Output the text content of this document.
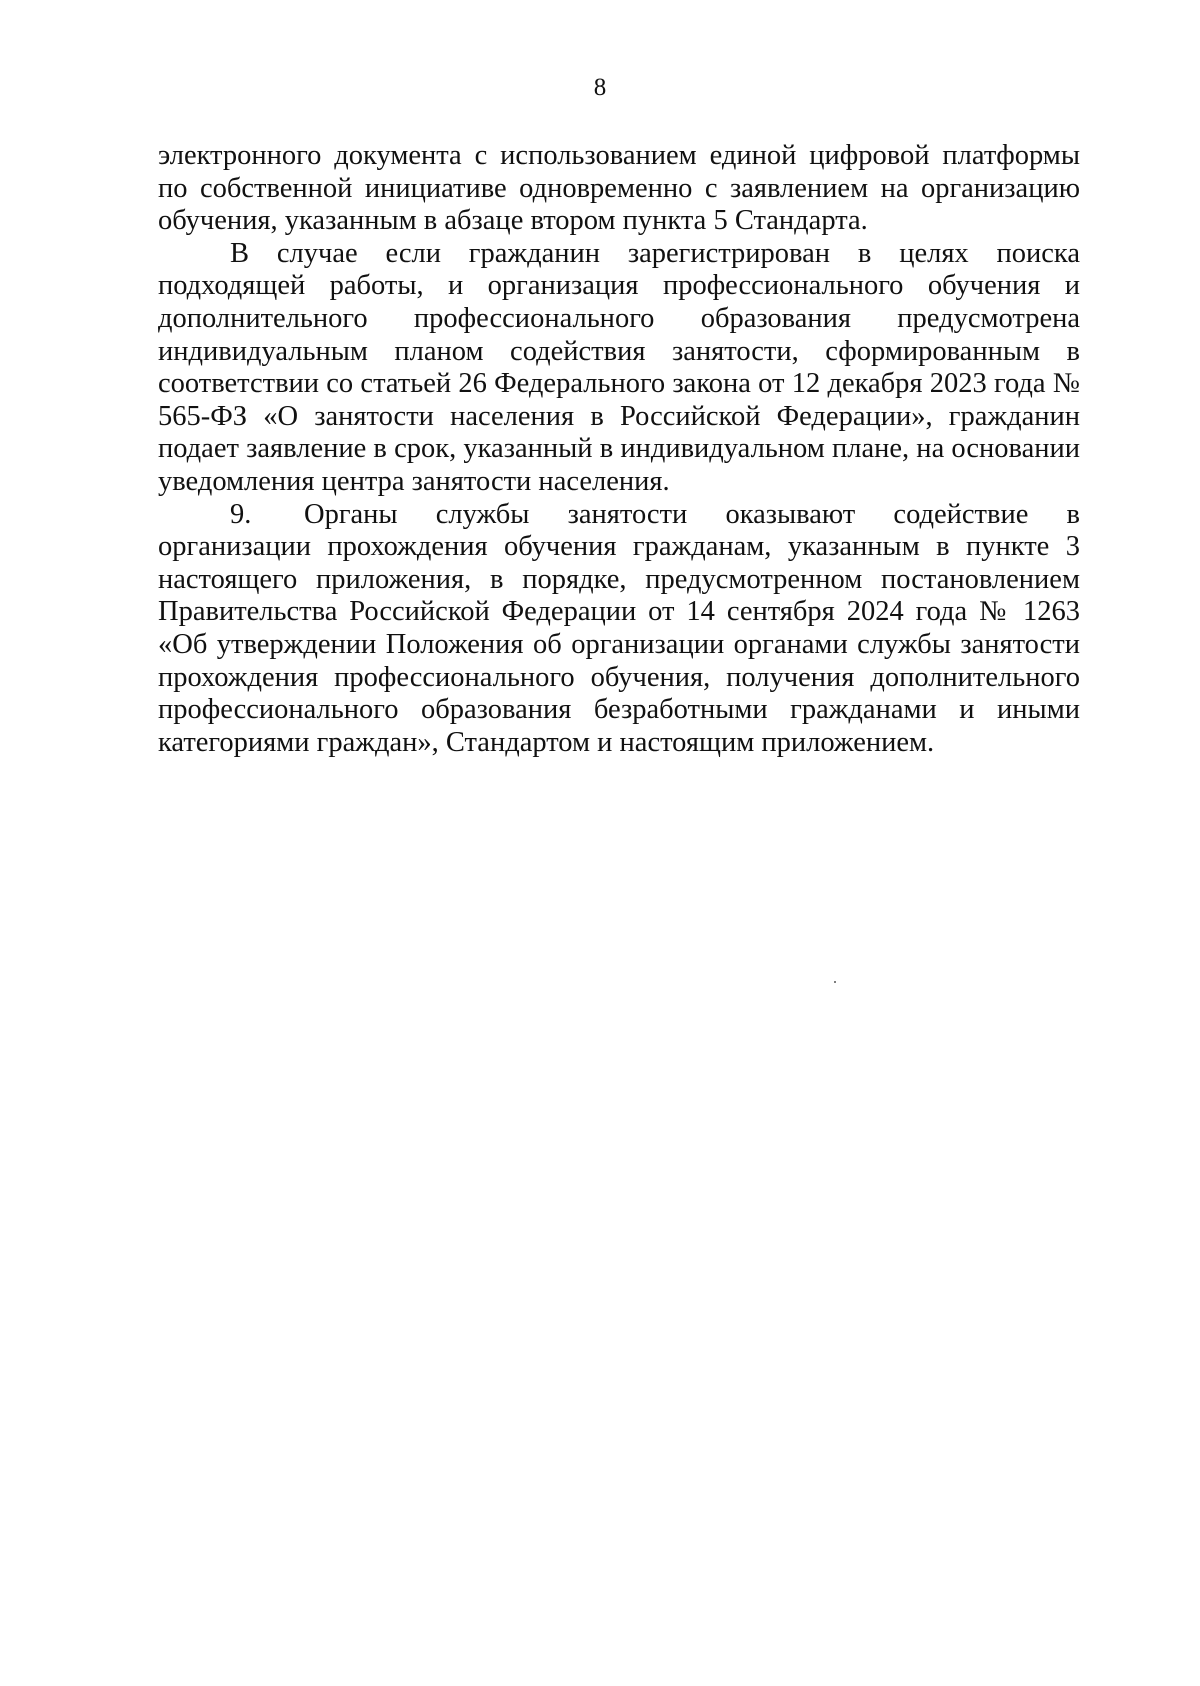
8

электронного документа с использованием единой цифровой платформы по собственной инициативе одновременно с заявлением на организацию обучения, указанным в абзаце втором пункта 5 Стандарта.

В случае если гражданин зарегистрирован в целях поиска подходящей работы, и организация профессионального обучения и дополнительного профессионального образования предусмотрена индивидуальным планом содействия занятости, сформированным в соответствии со статьей 26 Федерального закона от 12 декабря 2023 года № 565-ФЗ «О занятости населения в Российской Федерации», гражданин подает заявление в срок, указанный в индивидуальном плане, на основании уведомления центра занятости населения.

9. Органы службы занятости оказывают содействие в организации прохождения обучения гражданам, указанным в пункте 3 настоящего приложения, в порядке, предусмотренном постановлением Правительства Российской Федерации от 14 сентября 2024 года № 1263 «Об утверждении Положения об организации органами службы занятости прохождения профессионального обучения, получения дополнительного профессионального образования безработными гражданами и иными категориями граждан», Стандартом и настоящим приложением.
